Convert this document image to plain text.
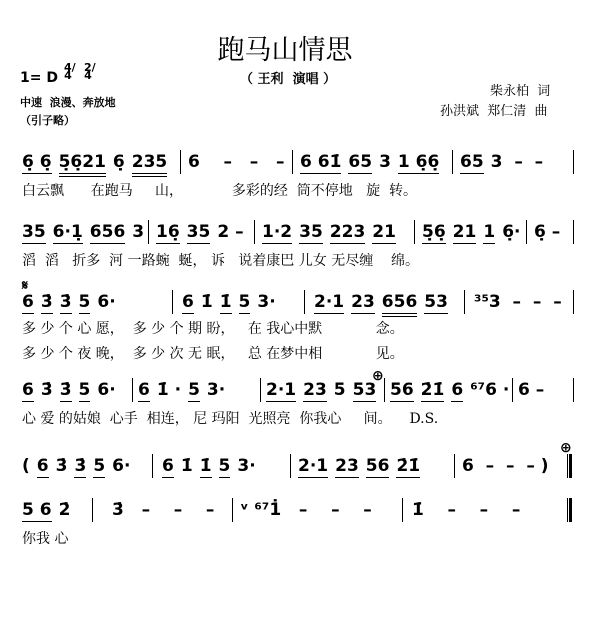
跑马山情思
1= D
4/4
2/4	（ 王利  演唱 ）
中速  浪漫、奔放地
（引子略）
柴永柏  词
孙洪斌  郑仁清  曲
𝄋
⊕
⊕
6̣ 6̣ 5̣6̣21 6̣ 235	6    –   –   – 6 61̇ 65 3 1 6̣6̣	65 3  –  –
白云飘      在跑马     山，           多彩的经  筒不停地   旋  转。
35 6·1̣ 656 3 16̣ 35 2 –	1·2 35 223 21	5̣6̣ 21 1 6̣· 6̣ –
滔  滔   折多  河 一路蜿  蜒， 诉   说着康巴 儿女 无尽缠    绵。
6 3̇ 3̇ 5 6·	6 1̇ 1̇ 5 3·	2·1 23 656 53	³⁵3  –  –  –
多 少 个 心 愿，  多 少 个 期 盼，   在 我心中默            念。
多 少 个 夜 晚，  多 少 次 无 眠，   总 在梦中相            见。
6 3̇ 3̇ 5 6·	6 1̇ · 5 3·	2·1 23 5 53 56 2̇1̇ 6 ⁶⁷6 · 6 –
心 爱 的姑娘  心手  相连， 尼 玛阳  光照亮  你我心     间。    D.S.
( 6 3̇ 3̇ 5 6·	6 1̇ 1̇ 5 3·	2·1 23 56 2̇1̇	6  –  –  – )
5 6 2̇	3̇   –    –    –	ᵛ ⁶⁷1̇   –    –    –	1̇    –    –    –
你我 心
